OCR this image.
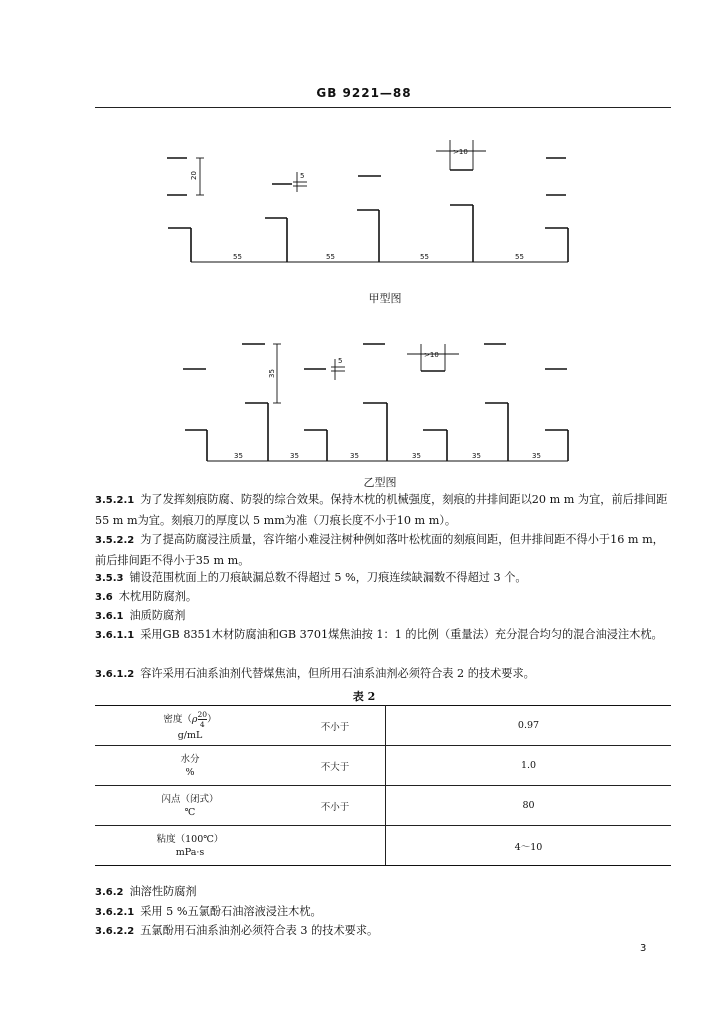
GB 9221—88
20	5
>10
55	55	55	55
甲型图
35
5
>10
35	35	35	35	35	35
乙型图

3.5.2.1 为了发挥刻痕防腐、防裂的综合效果。保持木枕的机械强度，刻痕的井排间距以20 m m 为宜，前后排间距55 m m为宜。刻痕刀的厚度以 5 mm为准（刀痕长度不小于10 m m）。

3.5.2.2 为了提高防腐浸注质量，容许缩小难浸注树种例如落叶松枕面的刻痕间距，但井排间距不得小于16 m m，前后排间距不得小于35 m m。

3.5.3 铺设范围枕面上的刀痕缺漏总数不得超过 5 %，刀痕连续缺漏数不得超过 3 个。

3.6 木枕用防腐剂。

3.6.1 油质防腐剂

3.6.1.1 采用GB 8351木材防腐油和GB 3701煤焦油按 1：1 的比例（重量法）充分混合均匀的混合油浸注木枕。

3.6.1.2 容许采用石油系油剂代替煤焦油，但所用石油系油剂必须符合表 2 的技术要求。

表 2
密度（$\rho \frac{20}{4}$ ）
g/mL	不小于	0.97
水分
%	不大于	1.0
闪点（闭式）
℃	不小于	80
粘度（100℃）
mPa·s		4～10

3.6.2 油溶性防腐剂

3.6.2.1 采用 5 %五氯酚石油溶液浸注木枕。

3.6.2.2 五氯酚用石油系油剂必须符合表 3 的技术要求。

3
